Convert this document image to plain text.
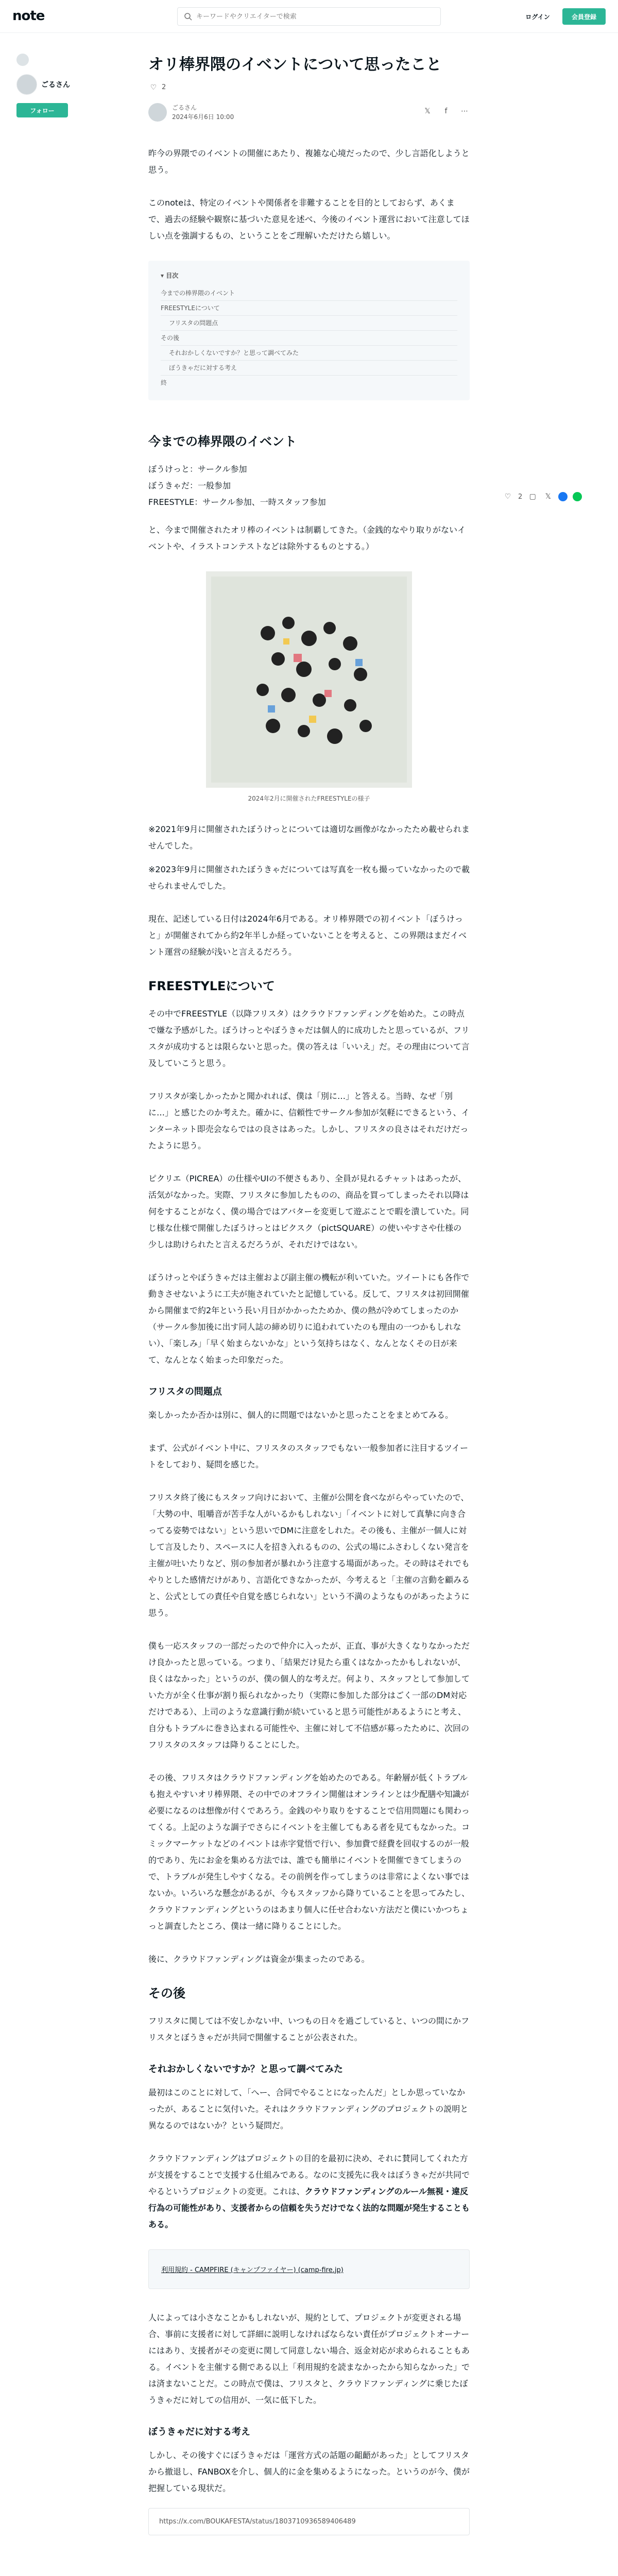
note
キーワードやクリエイターで検索	ログイン	会員登録
ごるさん
フォロー
♡ 2 ▢	𝕏
オリ棒界隈のイベントについて思ったこと
♡ 2
ごるさん
2024年6月6日 10:00
𝕏	f	⋯

昨今の界隈でのイベントの開催にあたり、複雑な心境だったので、少し言語化しようと思う。

このnoteは、特定のイベントや関係者を非難することを目的としておらず、あくまで、過去の経験や観察に基づいた意見を述べ、今後のイベント運営において注意してほしい点を強調するもの、ということをご理解いただけたら嬉しい。

▾ 目次
今までの棒界隈のイベント
FREESTYLEについて
フリスタの問題点
その後
それおかしくないですか？と思って調べてみた
ぼうきゃだに対する考え
終
今までの棒界隈のイベント

ぼうけっと：サークル参加
ぼうきゃだ：一般参加
FREESTYLE：サークル参加、一時スタッフ参加

と、今まで開催されたオリ棒のイベントは制覇してきた。（金銭的なやり取りがないイベントや、イラストコンテストなどは除外するものとする。）

2024年2月に開催されたFREESTYLEの様子

※2021年9月に開催されたぼうけっとについては適切な画像がなかったため載せられませんでした。

※2023年9月に開催されたぼうきゃだについては写真を一枚も撮っていなかったので載せられませんでした。

現在、記述している日付は2024年6月である。オリ棒界隈での初イベント「ぼうけっと」が開催されてから約2年半しか経っていないことを考えると、この界隈はまだイベント運営の経験が浅いと言えるだろう。

FREESTYLEについて

その中でFREESTYLE（以降フリスタ）はクラウドファンディングを始めた。この時点で嫌な予感がした。ぼうけっとやぼうきゃだは個人的に成功したと思っているが、フリスタが成功するとは限らないと思った。僕の答えは「いいえ」だ。その理由について言及していこうと思う。

フリスタが楽しかったかと聞かれれば、僕は「別に…」と答える。当時、なぜ「別に…」と感じたのか考えた。確かに、信頼性でサークル参加が気軽にできるという、インターネット即売会ならではの良さはあった。しかし、フリスタの良さはそれだけだったように思う。

ピクリエ（PICREA）の仕様やUIの不便さもあり、全員が見れるチャットはあったが、活気がなかった。実際、フリスタに参加したものの、商品を買ってしまったそれ以降は何をすることがなく、僕の場合ではアバターを変更して遊ぶことで暇を潰していた。同じ様な仕様で開催したぼうけっとはピクスク（pictSQUARE）の使いやすさや仕様の少しは助けられたと言えるだろうが、それだけではない。

ぼうけっとやぼうきゃだは主催および副主催の機転が利いていた。ツイートにも各作で動きさせないように工夫が施されていたと記憶している。反して、フリスタは初回開催から開催まで約2年という長い月日がかかったためか、僕の熱が冷めてしまったのか（サークル参加後に出す同人誌の締め切りに追われていたのも理由の一つかもしれない）、「楽しみ」「早く始まらないかな」という気持ちはなく、なんとなくその日が来て、なんとなく始まった印象だった。

フリスタの問題点

楽しかったか否かは別に、個人的に問題ではないかと思ったことをまとめてみる。

まず、公式がイベント中に、フリスタのスタッフでもない一般参加者に注目するツイートをしており、疑問を感じた。

フリスタ終了後にもスタッフ向けにおいて、主催が公開を食べながらやっていたので、「大勢の中、咀嚼音が苦手な人がいるかもしれない」「イベントに対して真摯に向き合ってる姿勢ではない」という思いでDMに注意をしれた。その後も、主催が一個人に対して言及したり、スペースに人を招き入れるものの、公式の場にふさわしくない発言を主催が吐いたりなど、別の参加者が暴れかう注意する場面があった。その時はそれでもやりとした感情だけがあり、言語化できなかったが、今考えると「主催の言動を顧みると、公式としての責任や自覚を感じられない」という不満のようなものがあったように思う。

僕も一応スタッフの一部だったので仲介に入ったが、正直、事が大きくなりなかっただけ良かったと思っている。つまり、「結果だけ見たら重くはなかったかもしれないが、良くはなかった」というのが、僕の個人的な考えだ。何より、スタッフとして参加していた方が全く仕事が割り振られなかったり（実際に参加した部分はごく一部のDM対応だけである）、上司のような意識行動が続いていると思う可能性があるようにと考え、自分もトラブルに巻き込まれる可能性や、主催に対して不信感が募ったために、次回のフリスタのスタッフは降りることにした。

その後、フリスタはクラウドファンディングを始めたのである。年齢層が低くトラブルも抱えやすいオリ棒界隈、その中でのオフライン開催はオンラインとは少配膳や知識が必要になるのは想像が付くであろう。金銭のやり取りをすることで信用問題にも関わってくる。上記のような調子でさらにイベントを主催してもある者を見てもなかった。コミックマーケットなどのイベントは赤字覚悟で行い、参加費で経費を回収するのが一般的であり、先にお金を集める方法では、誰でも簡単にイベントを開催できてしまうので、トラブルが発生しやすくなる。その前例を作ってしまうのは非常によくない事ではないか。いろいろな懸念があるが、今もスタッフから降りていることを思ってみたし、クラウドファンディングというのはあまり個人に任せ合わない方法だと僕にいかつちょっと調査したところ、僕は一緒に降りることにした。

後に、クラウドファンディングは資金が集まったのである。

その後

フリスタに関しては不安しかない中、いつもの日々を過ごしていると、いつの間にかフリスタとぼうきゃだが共同で開催することが公表された。

それおかしくないですか？と思って調べてみた

最初はこのことに対して、「へー、合同でやることになったんだ」としか思っていなかったが、あることに気付いた。それはクラウドファンディングのプロジェクトの説明と異なるのではないか？という疑問だ。

クラウドファンディングはプロジェクトの目的を最初に決め、それに賛同してくれた方が支援をすることで支援する仕組みである。なのに支援先に我々はぼうきゃだが共同でやるというプロジェクトの変更。これは、クラウドファンディングのルール無視・違反行為の可能性があり、支援者からの信頼を失うだけでなく法的な問題が発生することもある。

利用規約 - CAMPFIRE (キャンプファイヤー) (camp-fire.jp)

人によっては小さなことかもしれないが、規約として、プロジェクトが変更される場合、事前に支援者に対して詳細に説明しなければならない責任がプロジェクトオーナーにはあり、支援者がその変更に関して同意しない場合、返金対応が求められることもある。イベントを主催する側である以上「利用規約を読まなかったから知らなかった」では済まないことだ。この時点で僕は、フリスタと、クラウドファンディングに乗じたぼうきゃだに対しての信用が、一気に低下した。

ぼうきゃだに対する考え

しかし、その後すぐにぼうきゃだは「運営方式の話題の齟齬があった」としてフリスタから撤退し、FANBOXを介し、個人的に金を集めるようになった。というのが今、僕が把握している現状だ。

https://x.com/BOUKAFESTA/status/1803710936589406489
